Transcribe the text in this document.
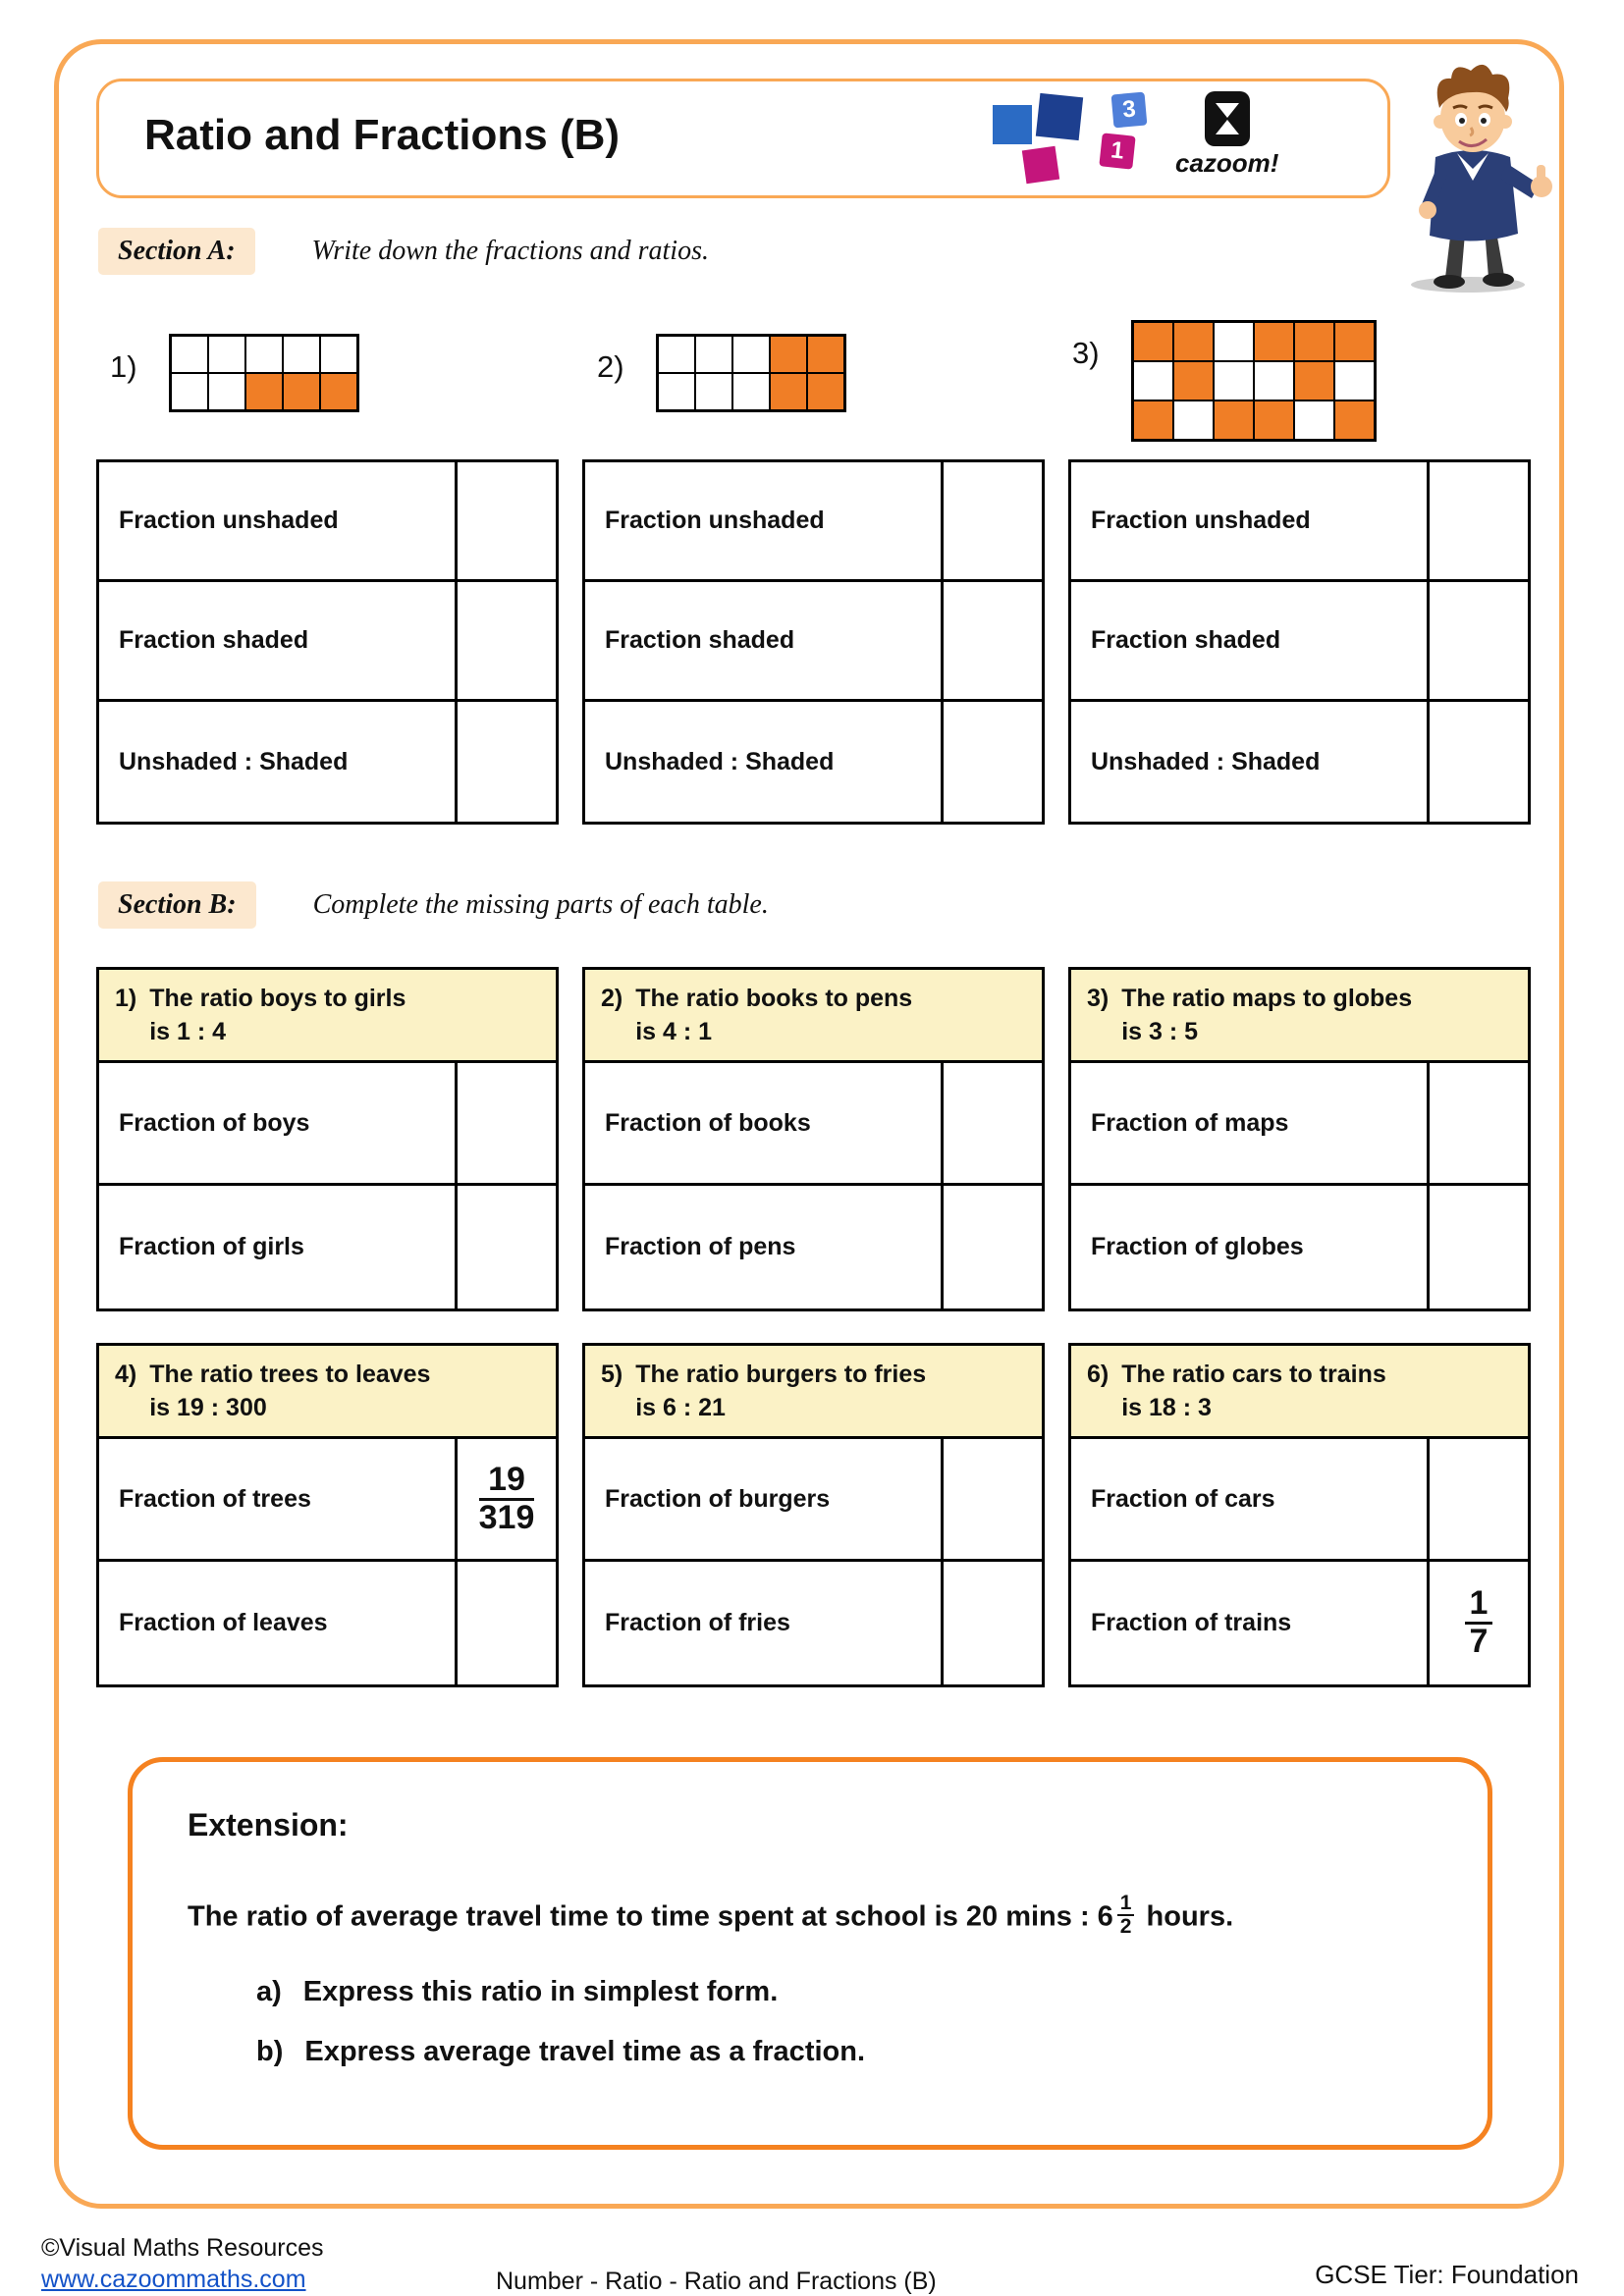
Ratio and Fractions (B)
3
1	cazoom!
Section A:	Write down the fractions and ratios.
1)	2)	3)
Fraction unshaded
Fraction shaded
Unshaded : Shaded
Fraction unshaded
Fraction shaded
Unshaded : Shaded
Fraction unshaded
Fraction shaded
Unshaded : Shaded
Section B:	Complete the missing parts of each table.
1) The ratio boys to girls
is 1 : 4
Fraction of boys
Fraction of girls
2) The ratio books to pens
is 4 : 1
Fraction of books
Fraction of pens
3) The ratio maps to globes
is 3 : 5
Fraction of maps
Fraction of globes
4) The ratio trees to leaves
is 19 : 300
Fraction of trees	$\frac{19}{319}$
Fraction of leaves
5) The ratio burgers to fries
is 6 : 21
Fraction of burgers
Fraction of fries
6) The ratio cars to trains
is 18 : 3
Fraction of cars
Fraction of trains	$\frac{1}{7}$
Extension:
The ratio of average travel time to time spent at school is 20 mins : $6 \frac{1}{2}$ hours.
a) Express this ratio in simplest form.
b) Express average travel time as a fraction.
©Visual Maths Resources
www.cazoommaths.com	Number - Ratio - Ratio and Fractions (B)	GCSE Tier: Foundation
